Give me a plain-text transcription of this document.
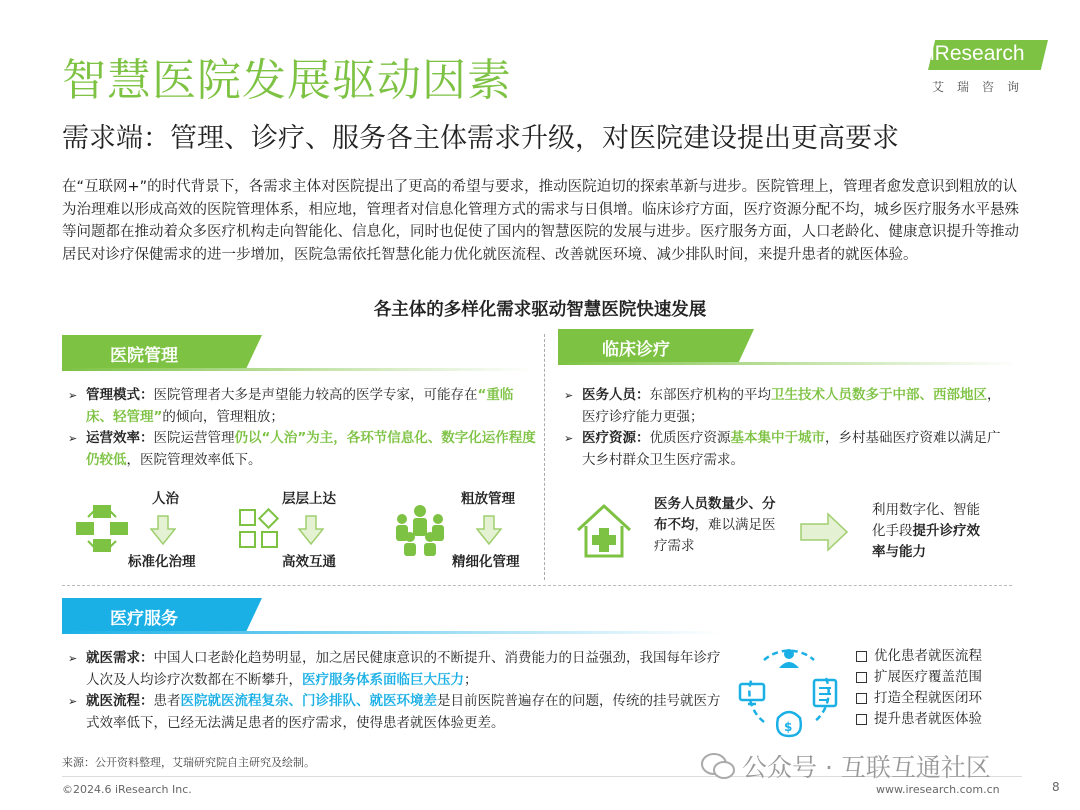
智慧医院发展驱动因素
需求端：管理、诊疗、服务各主体需求升级，对医院建设提出更高要求
iResearch
艾瑞咨询
在“互联网+”的时代背景下，各需求主体对医院提出了更高的希望与要求，推动医院迫切的探索革新与进步。医院管理上，管理者愈发意识到粗放的认为治理难以形成高效的医院管理体系，相应地，管理者对信息化管理方式的需求与日俱增。临床诊疗方面，医疗资源分配不均，城乡医疗服务水平悬殊等问题都在推动着众多医疗机构走向智能化、信息化，同时也促使了国内的智慧医院的发展与进步。医疗服务方面，人口老龄化、健康意识提升等推动居民对诊疗保健需求的进一步增加，医院急需依托智慧化能力优化就医流程、改善就医环境、减少排队时间，来提升患者的就医体验。
各主体的多样化需求驱动智慧医院快速发展
医院管理
➢ 管理模式：医院管理者大多是声望能力较高的医学专家，可能存在“重临床、轻管理”的倾向，管理粗放；
➢ 运营效率：医院运营管理仍以“人治”为主，各环节信息化、数字化运作程度仍较低，医院管理效率低下。
人治
标准化治理
层层上达
高效互通
粗放管理
精细化管理
临床诊疗
➢ 医务人员：东部医疗机构的平均卫生技术人员数多于中部、西部地区，医疗诊疗能力更强；
➢ 医疗资源：优质医疗资源基本集中于城市，乡村基础医疗资难以满足广大乡村群众卫生医疗需求。
医务人员数量少、分布不均，难以满足医疗需求
利用数字化、智能化手段提升诊疗效率与能力
医疗服务
➢ 就医需求：中国人口老龄化趋势明显，加之居民健康意识的不断提升、消费能力的日益强劲，我国每年诊疗人次及人均诊疗次数都在不断攀升，医疗服务体系面临巨大压力；
➢ 就医流程：患者医院就医流程复杂、门诊排队、就医环境差是目前医院普遍存在的问题，传统的挂号就医方式效率低下，已经无法满足患者的医疗需求，使得患者就医体验更差。	$
优化患者就医流程
扩展医疗覆盖范围
打造全程就医闭环
提升患者就医体验
来源：公开资料整理，艾瑞研究院自主研究及绘制。
©2024.6 iResearch Inc.	www.iresearch.com.cn	8
公众号 · 互联互通社区
